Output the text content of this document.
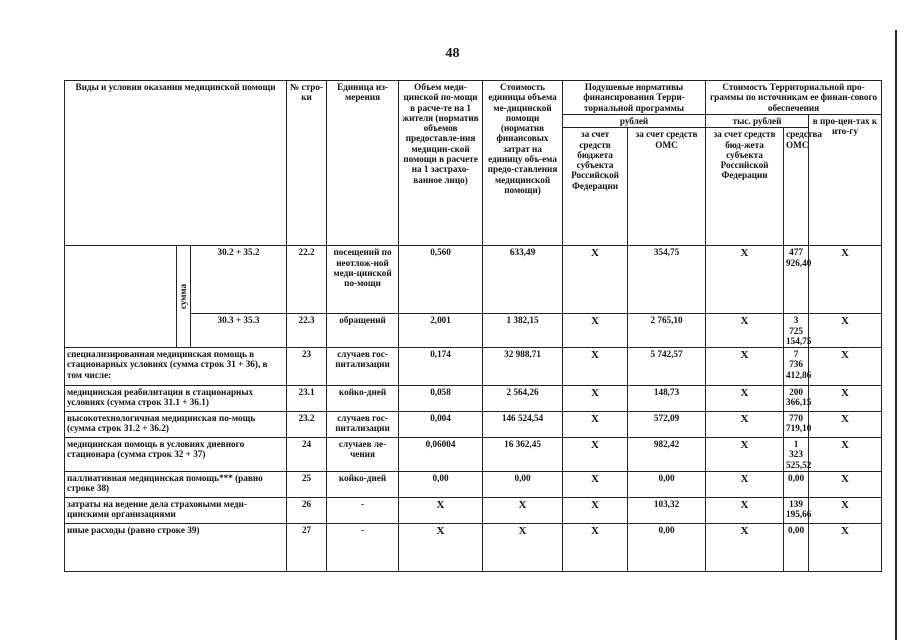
48
Виды и условия оказания медицинской помощи			№ стро-ки	Единица из-мерения	Объем меди-цинской по-мощи в расче-те на 1 жителя (норматив объемов предоставле-ния медицин-ской помощи в расчете на 1 застрахо-ванное лицо)	Стоимость единицы объема ме-дицинской помощи (норматив финансовых затрат на единицу объ-ема предо-ставления медицинской помощи)	Подушевые нормативы финансирования Терри-ториальной программы		Стоимость Территориальной про-граммы по источникам ее финан-сового обеспечения		
							рублей		тыс. рублей		в про-цен-тах к ито-гу
							за счет средств бюджета субъекта Российской Федерации	за счет средств ОМС	за счет средств бюд-жета субъекта Российской Федерации	средства ОМС	

	сумма	30.2 + 35.2	22.2	посещений по неотлож-ной меди-цинской по-мощи	0,560	633,49	Х	354,75	Х	477 926,40	Х
		30.3 + 35.3	22.3	обращений	2,001	1 382,15	Х	2 765,10	Х	3 725 154,75	Х
специализированная медицинская помощь в стационарных условиях (сумма строк 31 + 36), в том числе:			23	случаев гос-питализации	0,174	32 988,71	Х	5 742,57	Х	7 736 412,86	Х
медицинская реабилитация в стационарных условиях (сумма строк 31.1 + 36.1)			23.1	койко-дней	0,058	2 564,26	Х	148,73	Х	200 366,15	Х
высокотехнологичная медицинская по-мощь (сумма строк 31.2 + 36.2)			23.2	случаев гос-питализации	0,004	146 524,54	Х	572,09	Х	770 719,10	Х
медицинская помощь в условиях дневного стационара (сумма строк 32 + 37)			24	случаев ле-чения	0,06004	16 362,45	Х	982,42	Х	1 323 525,52	Х
паллиативная медицинская помощь*** (равно строке 38)			25	койко-дней	0,00	0,00	Х	0,00	Х	0,00	Х
затраты на ведение дела страховыми меди-цинскими организациями			26	-	Х	Х	Х	103,32	Х	139 195,66	Х
иные расходы (равно строке 39)			27	-	Х	Х	Х	0,00	Х	0,00	Х
